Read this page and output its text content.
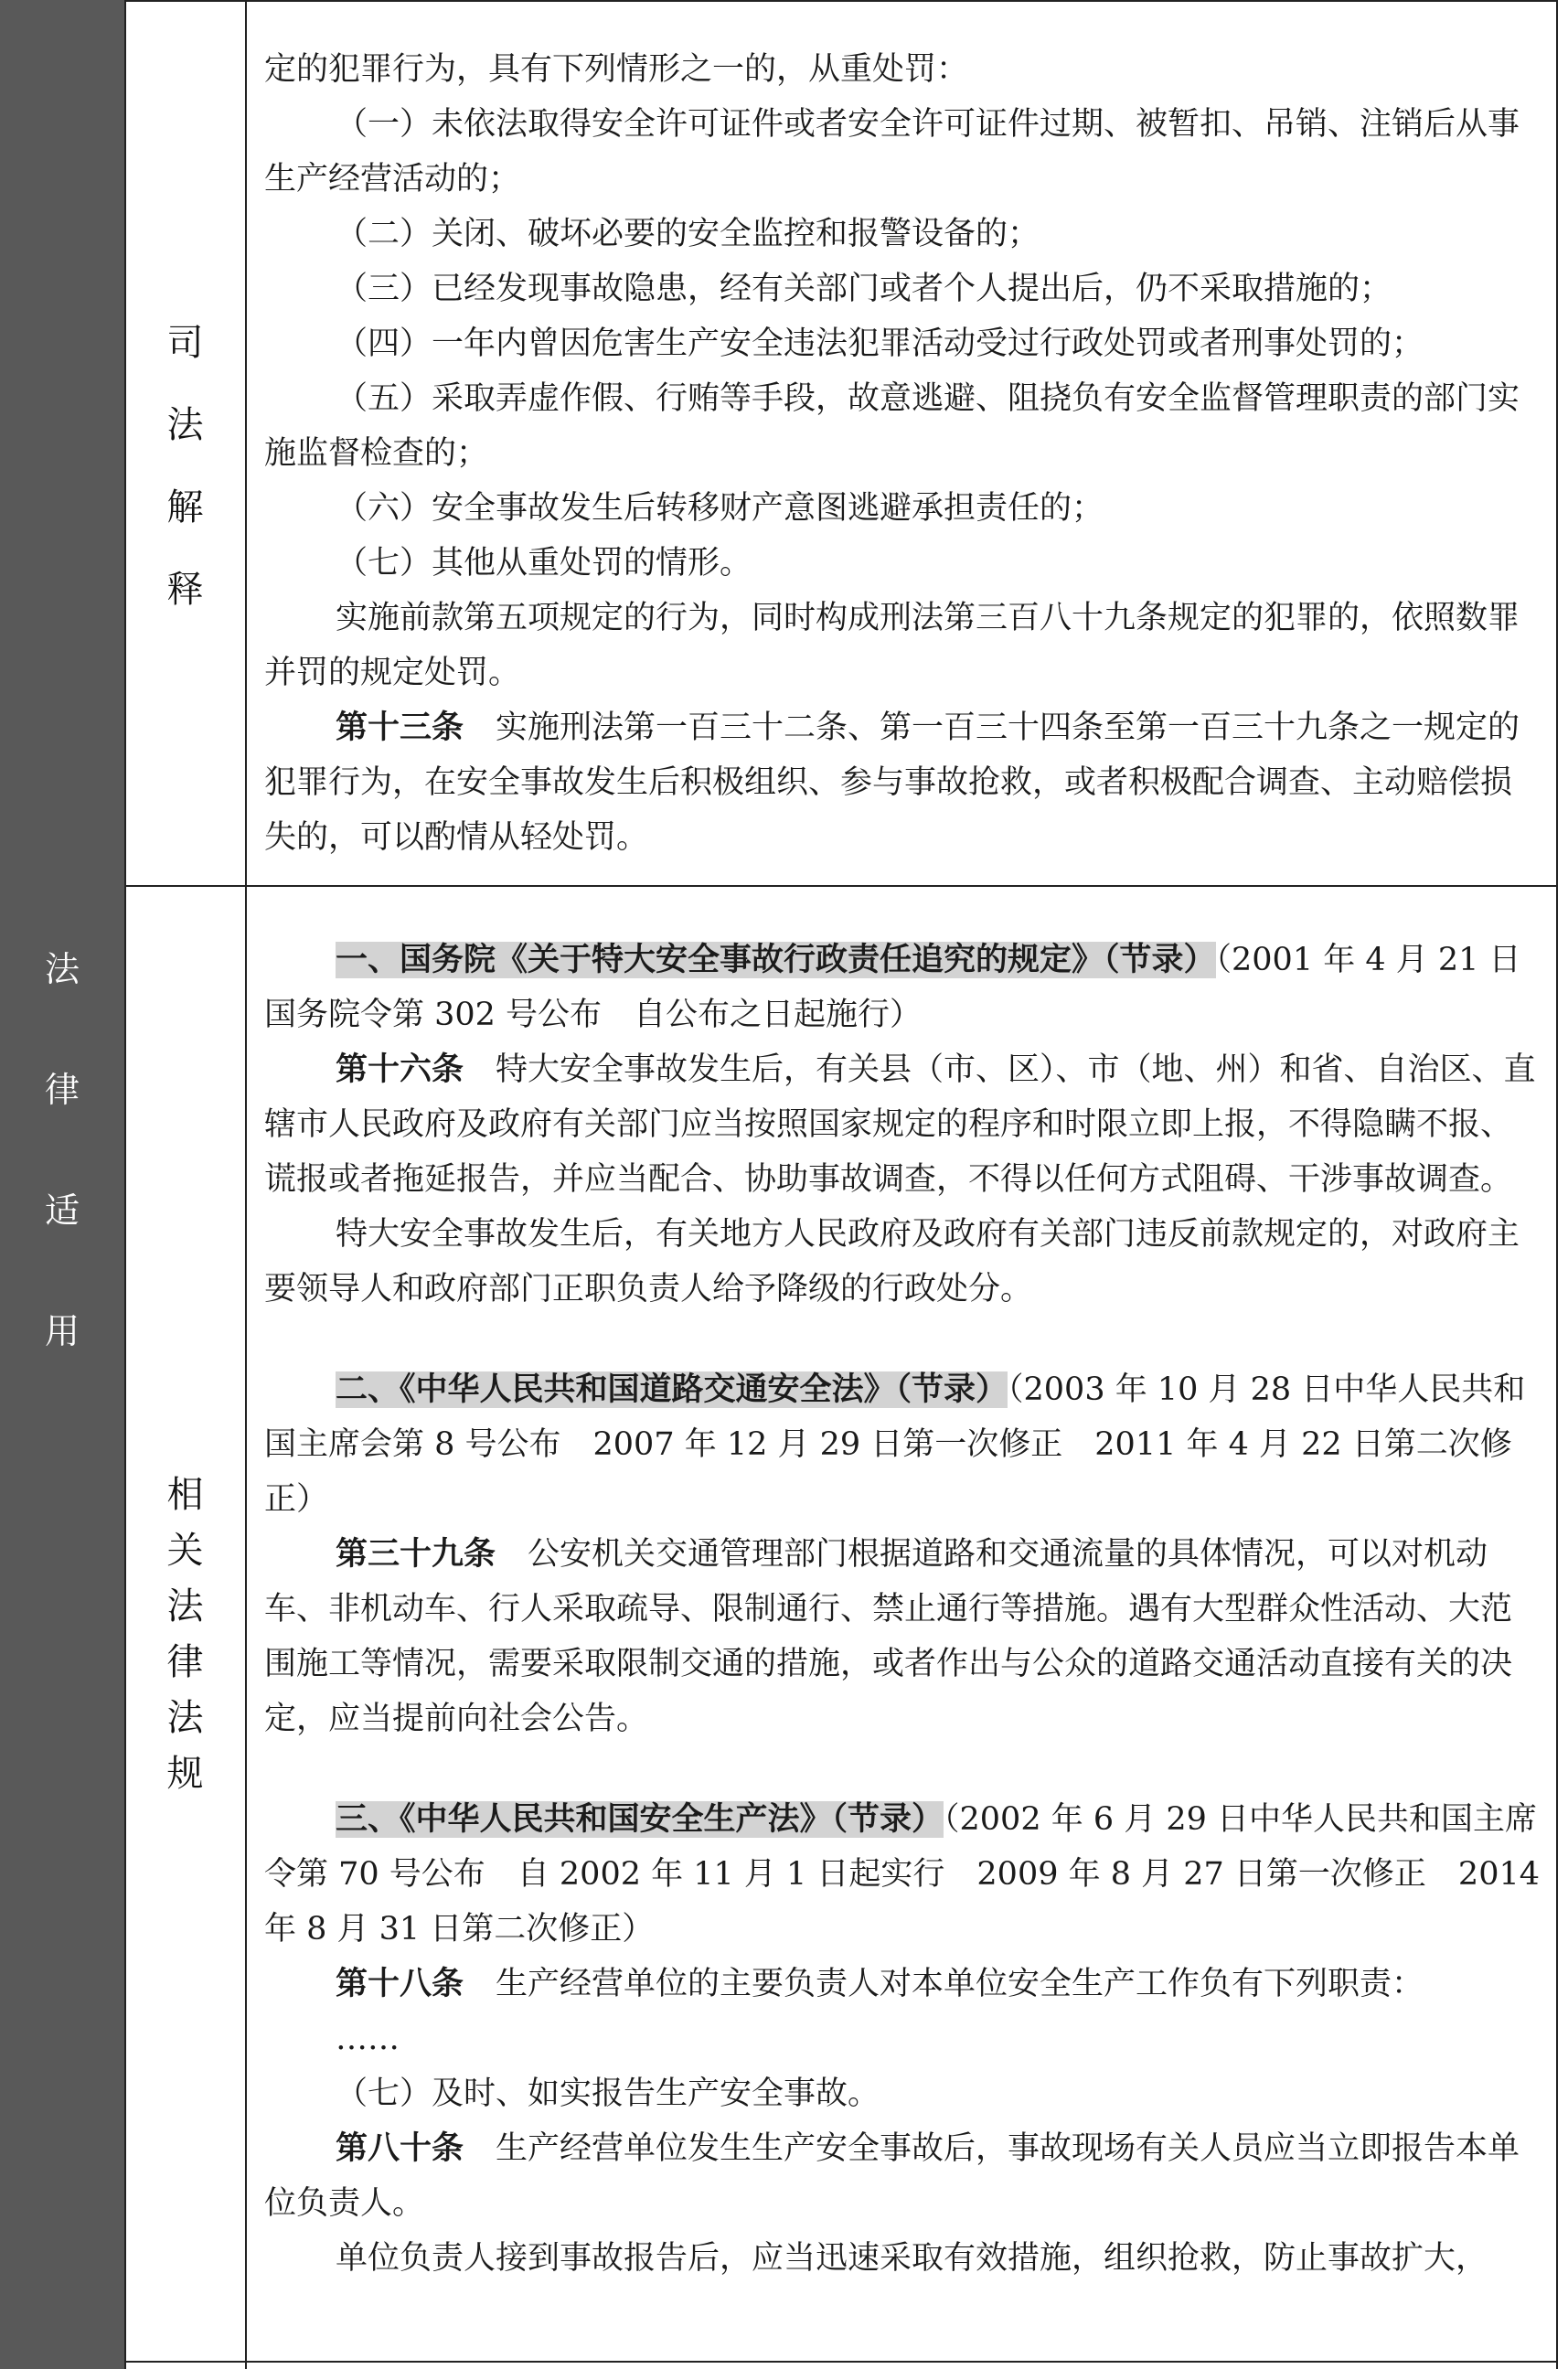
法
律
适
用
司
法
解
释
相
关
法
律
法
规

定的犯罪行为，具有下列情形之一的，从重处罚：

（一）未依法取得安全许可证件或者安全许可证件过期、被暂扣、吊销、注销后从事生产经营活动的；

（二）关闭、破坏必要的安全监控和报警设备的；

（三）已经发现事故隐患，经有关部门或者个人提出后，仍不采取措施的；

（四）一年内曾因危害生产安全违法犯罪活动受过行政处罚或者刑事处罚的；

（五）采取弄虚作假、行贿等手段，故意逃避、阻挠负有安全监督管理职责的部门实施监督检查的；

（六）安全事故发生后转移财产意图逃避承担责任的；

（七）其他从重处罚的情形。

实施前款第五项规定的行为，同时构成刑法第三百八十九条规定的犯罪的，依照数罪并罚的规定处罚。

第十三条　 实施刑法第一百三十二条、第一百三十四条至第一百三十九条之一规定的犯罪行为，在安全事故发生后积极组织、参与事故抢救，或者积极配合调查、主动赔偿损失的，可以酌情从轻处罚。

一、国务院《关于特大安全事故行政责任追究的规定》（节录）（2001 年 4 月 21 日国务院令第 302 号公布　自公布之日起施行）

第十六条　 特大安全事故发生后，有关县（市、区）、市（地、州）和省、自治区、直辖市人民政府及政府有关部门应当按照国家规定的程序和时限立即上报，不得隐瞒不报、谎报或者拖延报告，并应当配合、协助事故调查，不得以任何方式阻碍、干涉事故调查。

特大安全事故发生后，有关地方人民政府及政府有关部门违反前款规定的，对政府主要领导人和政府部门正职负责人给予降级的行政处分。

二、《中华人民共和国道路交通安全法》（节录）（2003 年 10 月 28 日中华人民共和国主席会第 8 号公布　2007 年 12 月 29 日第一次修正　2011 年 4 月 22 日第二次修正）

第三十九条　 公安机关交通管理部门根据道路和交通流量的具体情况，可以对机动车、非机动车、行人采取疏导、限制通行、禁止通行等措施。遇有大型群众性活动、大范围施工等情况，需要采取限制交通的措施，或者作出与公众的道路交通活动直接有关的决定，应当提前向社会公告。

三、《中华人民共和国安全生产法》（节录）（2002 年 6 月 29 日中华人民共和国主席令第 70 号公布　自 2002 年 11 月 1 日起实行　2009 年 8 月 27 日第一次修正　2014 年 8 月 31 日第二次修正）

第十八条　 生产经营单位的主要负责人对本单位安全生产工作负有下列职责：

……

（七）及时、如实报告生产安全事故。

第八十条　 生产经营单位发生生产安全事故后，事故现场有关人员应当立即报告本单位负责人。

单位负责人接到事故报告后，应当迅速采取有效措施，组织抢救，防止事故扩大，
